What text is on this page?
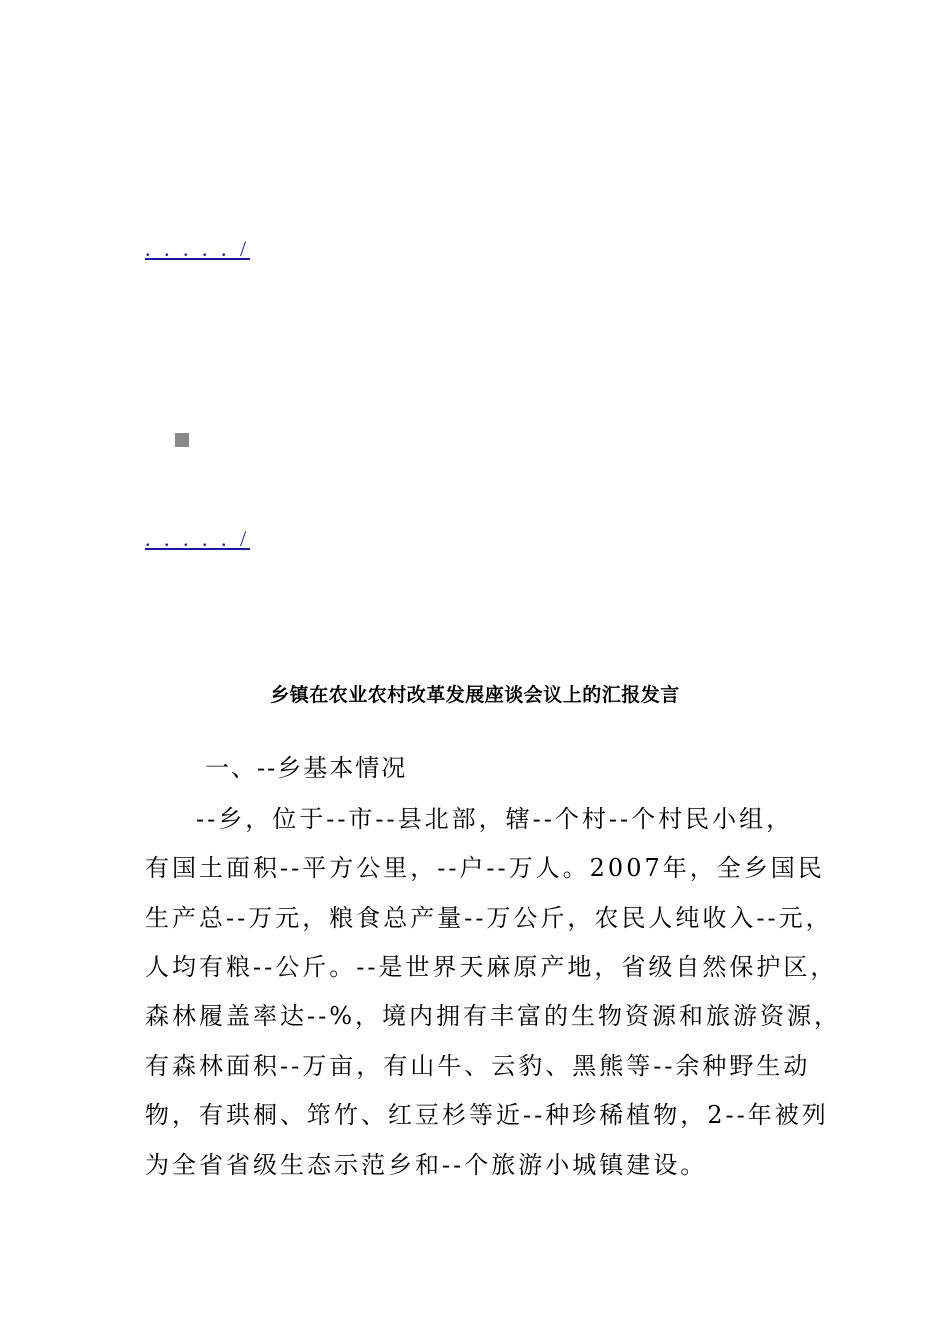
. . . . . /
. . . . . /
乡镇在农业农村改革发展座谈会议上的汇报发言
一、--乡基本情况
--乡，位于--市--县北部，辖--个村--个村民小组，
有国土面积--平方公里，--户--万人。2007年，全乡国民
生产总--万元，粮食总产量--万公斤，农民人纯收入--元，
人均有粮--公斤。--是世界天麻原产地，省级自然保护区，
森林履盖率达--%，境内拥有丰富的生物资源和旅游资源，
有森林面积--万亩，有山牛、云豹、黑熊等--余种野生动
物，有珙桐、筇竹、红豆杉等近--种珍稀植物，2--年被列
为全省省级生态示范乡和--个旅游小城镇建设。
